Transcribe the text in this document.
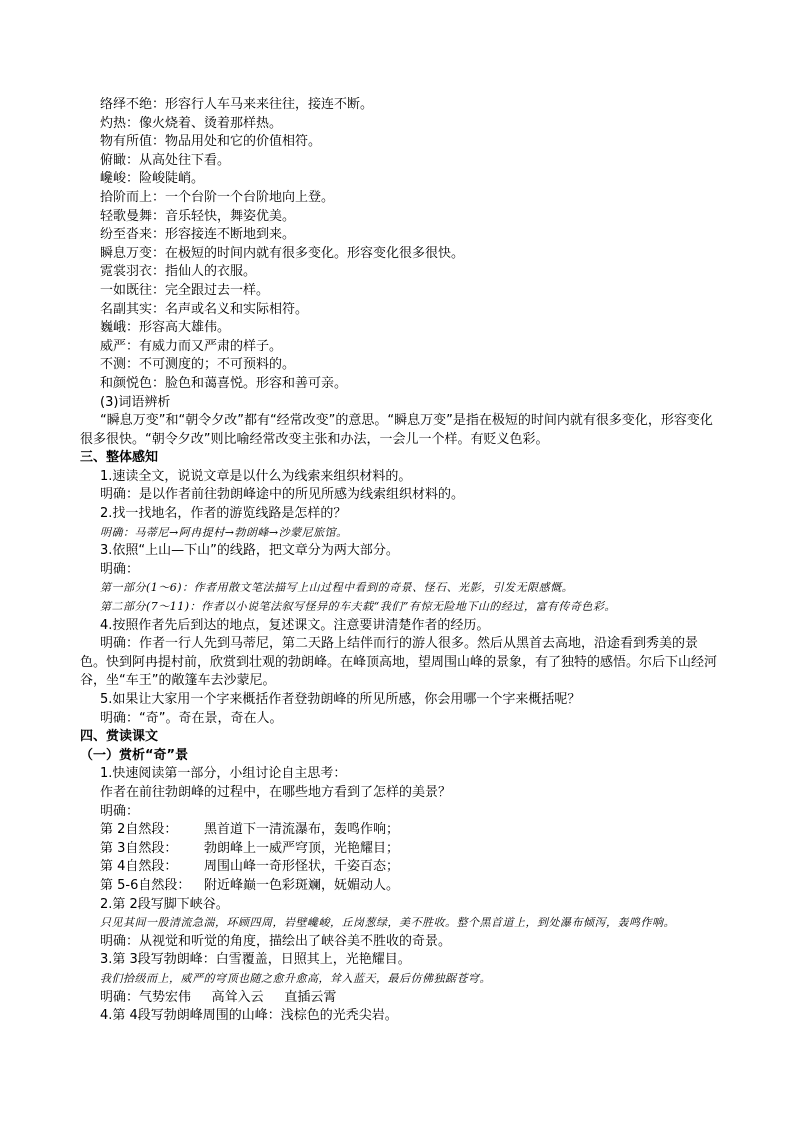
络绎不绝：形容行人车马来来往往，接连不断。
灼热：像火烧着、烫着那样热。
物有所值：物品用处和它的价值相符。
俯瞰：从高处往下看。
巉峻：险峻陡峭。
拾阶而上：一个台阶一个台阶地向上登。
轻歌曼舞：音乐轻快，舞姿优美。
纷至沓来：形容接连不断地到来。
瞬息万变：在极短的时间内就有很多变化。形容变化很多很快。
霓裳羽衣：指仙人的衣服。
一如既往：完全跟过去一样。
名副其实：名声或名义和实际相符。
巍峨：形容高大雄伟。
威严：有威力而又严肃的样子。
不测：不可测度的；不可预料的。
和颜悦色：脸色和蔼喜悦。形容和善可亲。
(3)词语辨析
“瞬息万变”和“朝令夕改”都有“经常改变”的意思。“瞬息万变”是指在极短的时间内就有很多变化，形容变化很多很快。“朝令夕改”则比喻经常改变主张和办法，一会儿一个样。有贬义色彩。
三、整体感知
1.速读全文，说说文章是以什么为线索来组织材料的。
明确：是以作者前往勃朗峰途中的所见所感为线索组织材料的。
2.找一找地名，作者的游览线路是怎样的？
明确：马蒂尼→阿冉提村→勃朗峰→沙蒙尼旅馆。
3.依照“上山—下山”的线路，把文章分为两大部分。
明确：
第一部分(1～6)：作者用散文笔法描写上山过程中看到的奇景、怪石、光影，引发无限感慨。
第二部分(7～11)：作者以小说笔法叙写怪异的车夫载“我们”有惊无险地下山的经过，富有传奇色彩。
4.按照作者先后到达的地点，复述课文。注意要讲清楚作者的经历。
明确：作者一行人先到马蒂尼，第二天路上结伴而行的游人很多。然后从黑首去高地，沿途看到秀美的景色。快到阿冉提村前，欣赏到壮观的勃朗峰。在峰顶高地，望周围山峰的景象，有了独特的感悟。尔后下山经河谷，坐“车王”的敞篷车去沙蒙尼。
5.如果让大家用一个字来概括作者登勃朗峰的所见所感，你会用哪一个字来概括呢？
明确：“奇”。奇在景，奇在人。
四、赏读课文
（一）赏析“奇”景
1.快速阅读第一部分，小组讨论自主思考：
作者在前往勃朗峰的过程中，在哪些地方看到了怎样的美景？
明确：
第 2自然段：	黑首道下一清流瀑布，轰鸣作响；
第 3自然段：	勃朗峰上一威严穹顶，光艳耀目；
第 4自然段：	周围山峰一奇形怪状，千姿百态；
第 5-6自然段：	附近峰巅一色彩斑斓，妩媚动人。
2.第 2段写脚下峡谷。
只见其间一股清流急湍，环顾四周，岩壁巉峻，丘岗葱绿，美不胜收。整个黑首道上，到处瀑布倾泻，轰鸣作响。
明确：从视觉和听觉的角度，描绘出了峡谷美不胜收的奇景。
3.第 3段写勃朗峰：白雪覆盖，日照其上，光艳耀目。
我们拾级而上，威严的穹顶也随之愈升愈高，耸入蓝天，最后仿佛独踞苍穹。
明确：气势宏伟     高耸入云     直插云霄
4.第 4段写勃朗峰周围的山峰：浅棕色的光秃尖岩。
